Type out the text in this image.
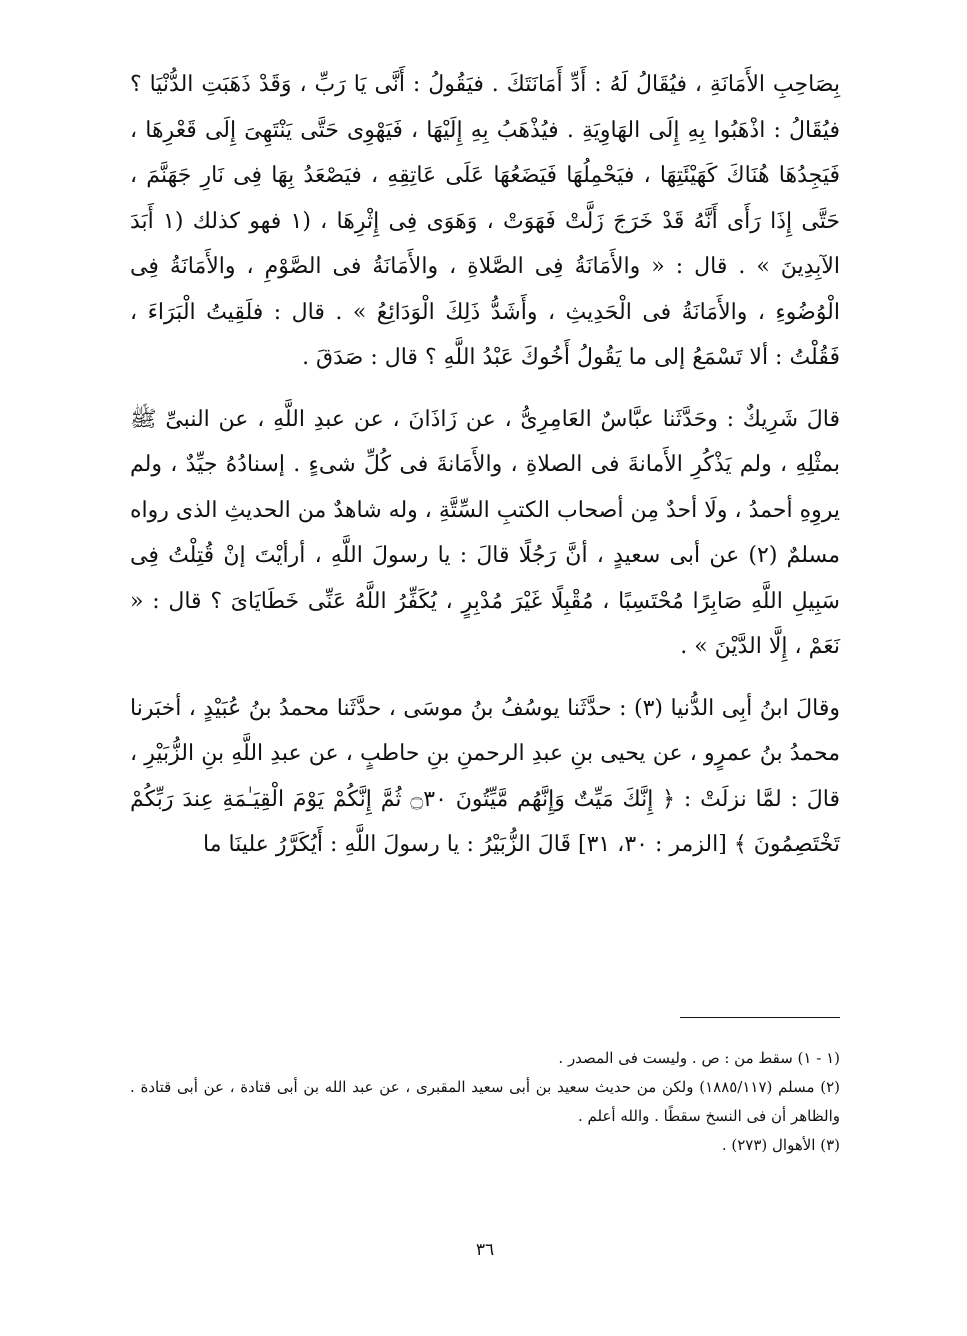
بِصَاحِبِ الأَمَانَةِ ، فيُقَالُ لَهُ : أَدِّ أَمَانَتَكَ . فيَقُولُ : أَنَّى يَا رَبِّ ، وَقَدْ ذَهَبَتِ الدُّنْيَا ؟ فيُقَالُ : اذْهَبُوا بِهِ إِلَى الهَاوِيَةِ . فيُذْهَبُ بِهِ إِلَيْهَا ، فَيَهْوِى حَتَّى يَنْتَهِىَ إِلَى قَعْرِهَا ، فَيَجِدُهَا هُنَاكَ كَهَيْئَتِهَا ، فيَحْمِلُهَا فَيَضَعُهَا عَلَى عَاتِقِهِ ، فيَصْعَدُ بِهَا فِى نَارِ جَهَنَّمَ ، حَتَّى إِذَا رَأَى أَنَّهُ قَدْ خَرَجَ زَلَّتْ فَهَوَتْ ، وَهَوَى فِى إِثْرِهَا ، (١ فهو كذلك (١ أَبَدَ الآبِدِينَ » . قال : « والأَمَانَةُ فِى الصَّلاةِ ، والأَمَانَةُ فى الصَّوْمِ ، والأَمَانَةُ فِى الْوُضُوءِ ، والأَمَانَةُ فى الْحَدِيثِ ، وأَشَدُّ ذَلِكَ الْوَدَائِعُ » . قال : فلَقِيتُ الْبَرَاءَ ، فَقُلْتُ : ألا تَسْمَعُ إلى ما يَقُولُ أَخُوكَ عَبْدُ اللَّهِ ؟ قال : صَدَقَ .

قالَ شَرِيكٌ : وحَدَّثَنا عبَّاسٌ العَامِرِىُّ ، عن زَاذَانَ ، عن عبدِ اللَّهِ ، عن النبىِّ ﷺ بمثْلِهِ ، ولم يَذْكُرِ الأَمانةَ فى الصلاةِ ، والأَمَانةَ فى كُلِّ شىءٍ . إسنادُهُ جيِّدٌ ، ولم يروِهِ أحمدُ ، ولَا أحدٌ مِن أصحاب الكتبِ السِّتَّةِ ، وله شاهدٌ من الحديثِ الذى رواه مسلمٌ (٢) عن أبى سعيدٍ ، أنَّ رَجُلًا قالَ : يا رسولَ اللَّهِ ، أرأيْتَ إنْ قُتِلْتُ فِى سَبِيلِ اللَّهِ صَابِرًا مُحْتَسِبًا ، مُقْبِلًا غَيْرَ مُدْبِرٍ ، يُكَفِّرُ اللَّهُ عَنِّى خَطَايَاىَ ؟ قال : « نَعَمْ ، إِلَّا الدَّيْنَ » .

وقالَ ابنُ أبِى الدُّنيا (٣) : حدَّثَنا يوسُفُ بنُ موسَى ، حدَّثَنا محمدُ بنُ عُبَيْدٍ ، أخبَرنا محمدُ بنُ عمرٍو ، عن يحيى بنِ عبدِ الرحمنِ بنِ حاطبٍ ، عن عبدِ اللَّهِ بنِ الزُّبَيْرِ ، قالَ : لمَّا نزلَتْ : ﴿ إِنَّكَ مَيِّتٌ وَإِنَّهُم مَّيِّتُونَ ۝٣٠ ثُمَّ إِنَّكُمْ يَوْمَ الْقِيَـٰمَةِ عِندَ رَبِّكُمْ تَخْتَصِمُونَ ﴾ [الزمر : ٣٠، ٣١] قَالَ الزُّبَيْرُ : يا رسولَ اللَّهِ : أَيُكَرَّرُ علينَا ما

(١ - ١) سقط من : ص . وليست فى المصدر .
(٢) مسلم (١٨٨٥/١١٧) ولكن من حديث سعيد بن أبى سعيد المقبرى ، عن عبد الله بن أبى قتادة ، عن أبى قتادة . والظاهر أن فى النسخ سقطًا . والله أعلم .
(٣) الأهوال (٢٧٣) .
٣٦
